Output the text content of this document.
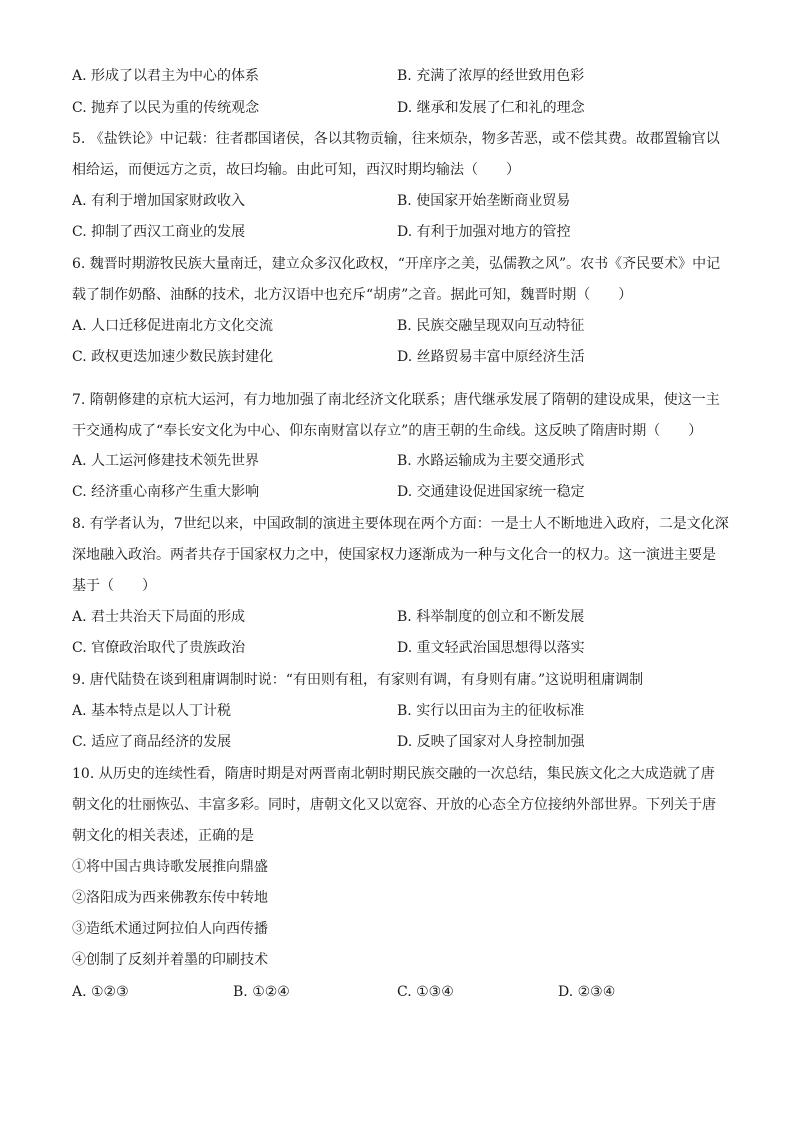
A. 形成了以君主为中心的体系	B. 充满了浓厚的经世致用色彩
C. 抛弃了以民为重的传统观念	D. 继承和发展了仁和礼的理念
5. 《盐铁论》中记载：往者郡国诸侯，各以其物贡输，往来烦杂，物多苦恶，或不偿其费。故郡置输官以
相给运，而便远方之贡，故曰均输。由此可知，西汉时期均输法（　　）
A. 有利于增加国家财政收入	B. 使国家开始垄断商业贸易
C. 抑制了西汉工商业的发展	D. 有利于加强对地方的管控
6. 魏晋时期游牧民族大量南迁，建立众多汉化政权，“开庠序之美，弘儒教之风”。农书《齐民要术》中记
载了制作奶酪、油酥的技术，北方汉语中也充斥“胡虏”之音。据此可知，魏晋时期（　　）
A. 人口迁移促进南北方文化交流	B. 民族交融呈现双向互动特征
C. 政权更迭加速少数民族封建化	D. 丝路贸易丰富中原经济生活
7. 隋朝修建的京杭大运河，有力地加强了南北经济文化联系；唐代继承发展了隋朝的建设成果，使这一主
干交通构成了“奉长安文化为中心、仰东南财富以存立”的唐王朝的生命线。这反映了隋唐时期（　　）
A. 人工运河修建技术领先世界	B. 水路运输成为主要交通形式
C. 经济重心南移产生重大影响	D. 交通建设促进国家统一稳定
8. 有学者认为，7世纪以来，中国政制的演进主要体现在两个方面：一是士人不断地进入政府，二是文化深
深地融入政治。两者共存于国家权力之中，使国家权力逐渐成为一种与文化合一的权力。这一演进主要是
基于（　　）
A. 君士共治天下局面的形成	B. 科举制度的创立和不断发展
C. 官僚政治取代了贵族政治	D. 重文轻武治国思想得以落实
9. 唐代陆贽在谈到租庸调制时说：“有田则有租，有家则有调，有身则有庸。”这说明租庸调制
A. 基本特点是以人丁计税	B. 实行以田亩为主的征收标准
C. 适应了商品经济的发展	D. 反映了国家对人身控制加强
10. 从历史的连续性看，隋唐时期是对两晋南北朝时期民族交融的一次总结，集民族文化之大成造就了唐
朝文化的壮丽恢弘、丰富多彩。同时，唐朝文化又以宽容、开放的心态全方位接纳外部世界。下列关于唐
朝文化的相关表述，正确的是
①将中国古典诗歌发展推向鼎盛
②洛阳成为西来佛教东传中转地
③造纸术通过阿拉伯人向西传播
④创制了反刻并着墨的印刷技术
A. ①②③	B. ①②④	C. ①③④	D. ②③④
